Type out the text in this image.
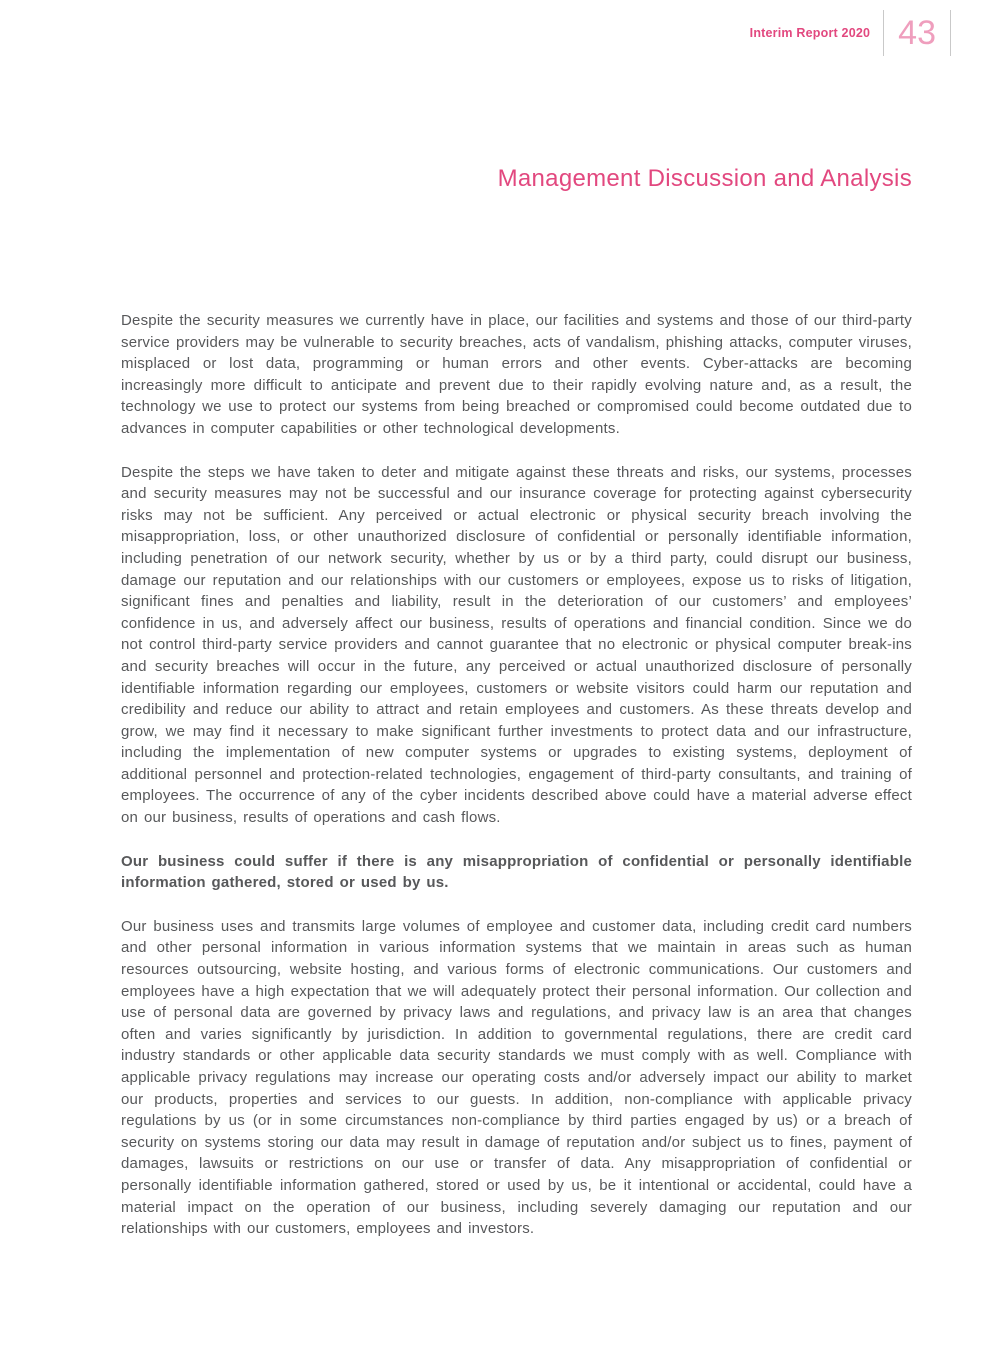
Interim Report 2020 43
Management Discussion and Analysis

Despite the security measures we currently have in place, our facilities and systems and those of our third-party service providers may be vulnerable to security breaches, acts of vandalism, phishing attacks, computer viruses, misplaced or lost data, programming or human errors and other events. Cyber-attacks are becoming increasingly more difficult to anticipate and prevent due to their rapidly evolving nature and, as a result, the technology we use to protect our systems from being breached or compromised could become outdated due to advances in computer capabilities or other technological developments.

Despite the steps we have taken to deter and mitigate against these threats and risks, our systems, processes and security measures may not be successful and our insurance coverage for protecting against cybersecurity risks may not be sufficient. Any perceived or actual electronic or physical security breach involving the misappropriation, loss, or other unauthorized disclosure of confidential or personally identifiable information, including penetration of our network security, whether by us or by a third party, could disrupt our business, damage our reputation and our relationships with our customers or employees, expose us to risks of litigation, significant fines and penalties and liability, result in the deterioration of our customers’ and employees’ confidence in us, and adversely affect our business, results of operations and financial condition. Since we do not control third-party service providers and cannot guarantee that no electronic or physical computer break-ins and security breaches will occur in the future, any perceived or actual unauthorized disclosure of personally identifiable information regarding our employees, customers or website visitors could harm our reputation and credibility and reduce our ability to attract and retain employees and customers. As these threats develop and grow, we may find it necessary to make significant further investments to protect data and our infrastructure, including the implementation of new computer systems or upgrades to existing systems, deployment of additional personnel and protection-related technologies, engagement of third-party consultants, and training of employees. The occurrence of any of the cyber incidents described above could have a material adverse effect on our business, results of operations and cash flows.

Our business could suffer if there is any misappropriation of confidential or personally identifiable information gathered, stored or used by us.

Our business uses and transmits large volumes of employee and customer data, including credit card numbers and other personal information in various information systems that we maintain in areas such as human resources outsourcing, website hosting, and various forms of electronic communications. Our customers and employees have a high expectation that we will adequately protect their personal information. Our collection and use of personal data are governed by privacy laws and regulations, and privacy law is an area that changes often and varies significantly by jurisdiction. In addition to governmental regulations, there are credit card industry standards or other applicable data security standards we must comply with as well. Compliance with applicable privacy regulations may increase our operating costs and/or adversely impact our ability to market our products, properties and services to our guests. In addition, non-compliance with applicable privacy regulations by us (or in some circumstances non-compliance by third parties engaged by us) or a breach of security on systems storing our data may result in damage of reputation and/or subject us to fines, payment of damages, lawsuits or restrictions on our use or transfer of data. Any misappropriation of confidential or personally identifiable information gathered, stored or used by us, be it intentional or accidental, could have a material impact on the operation of our business, including severely damaging our reputation and our relationships with our customers, employees and investors.
